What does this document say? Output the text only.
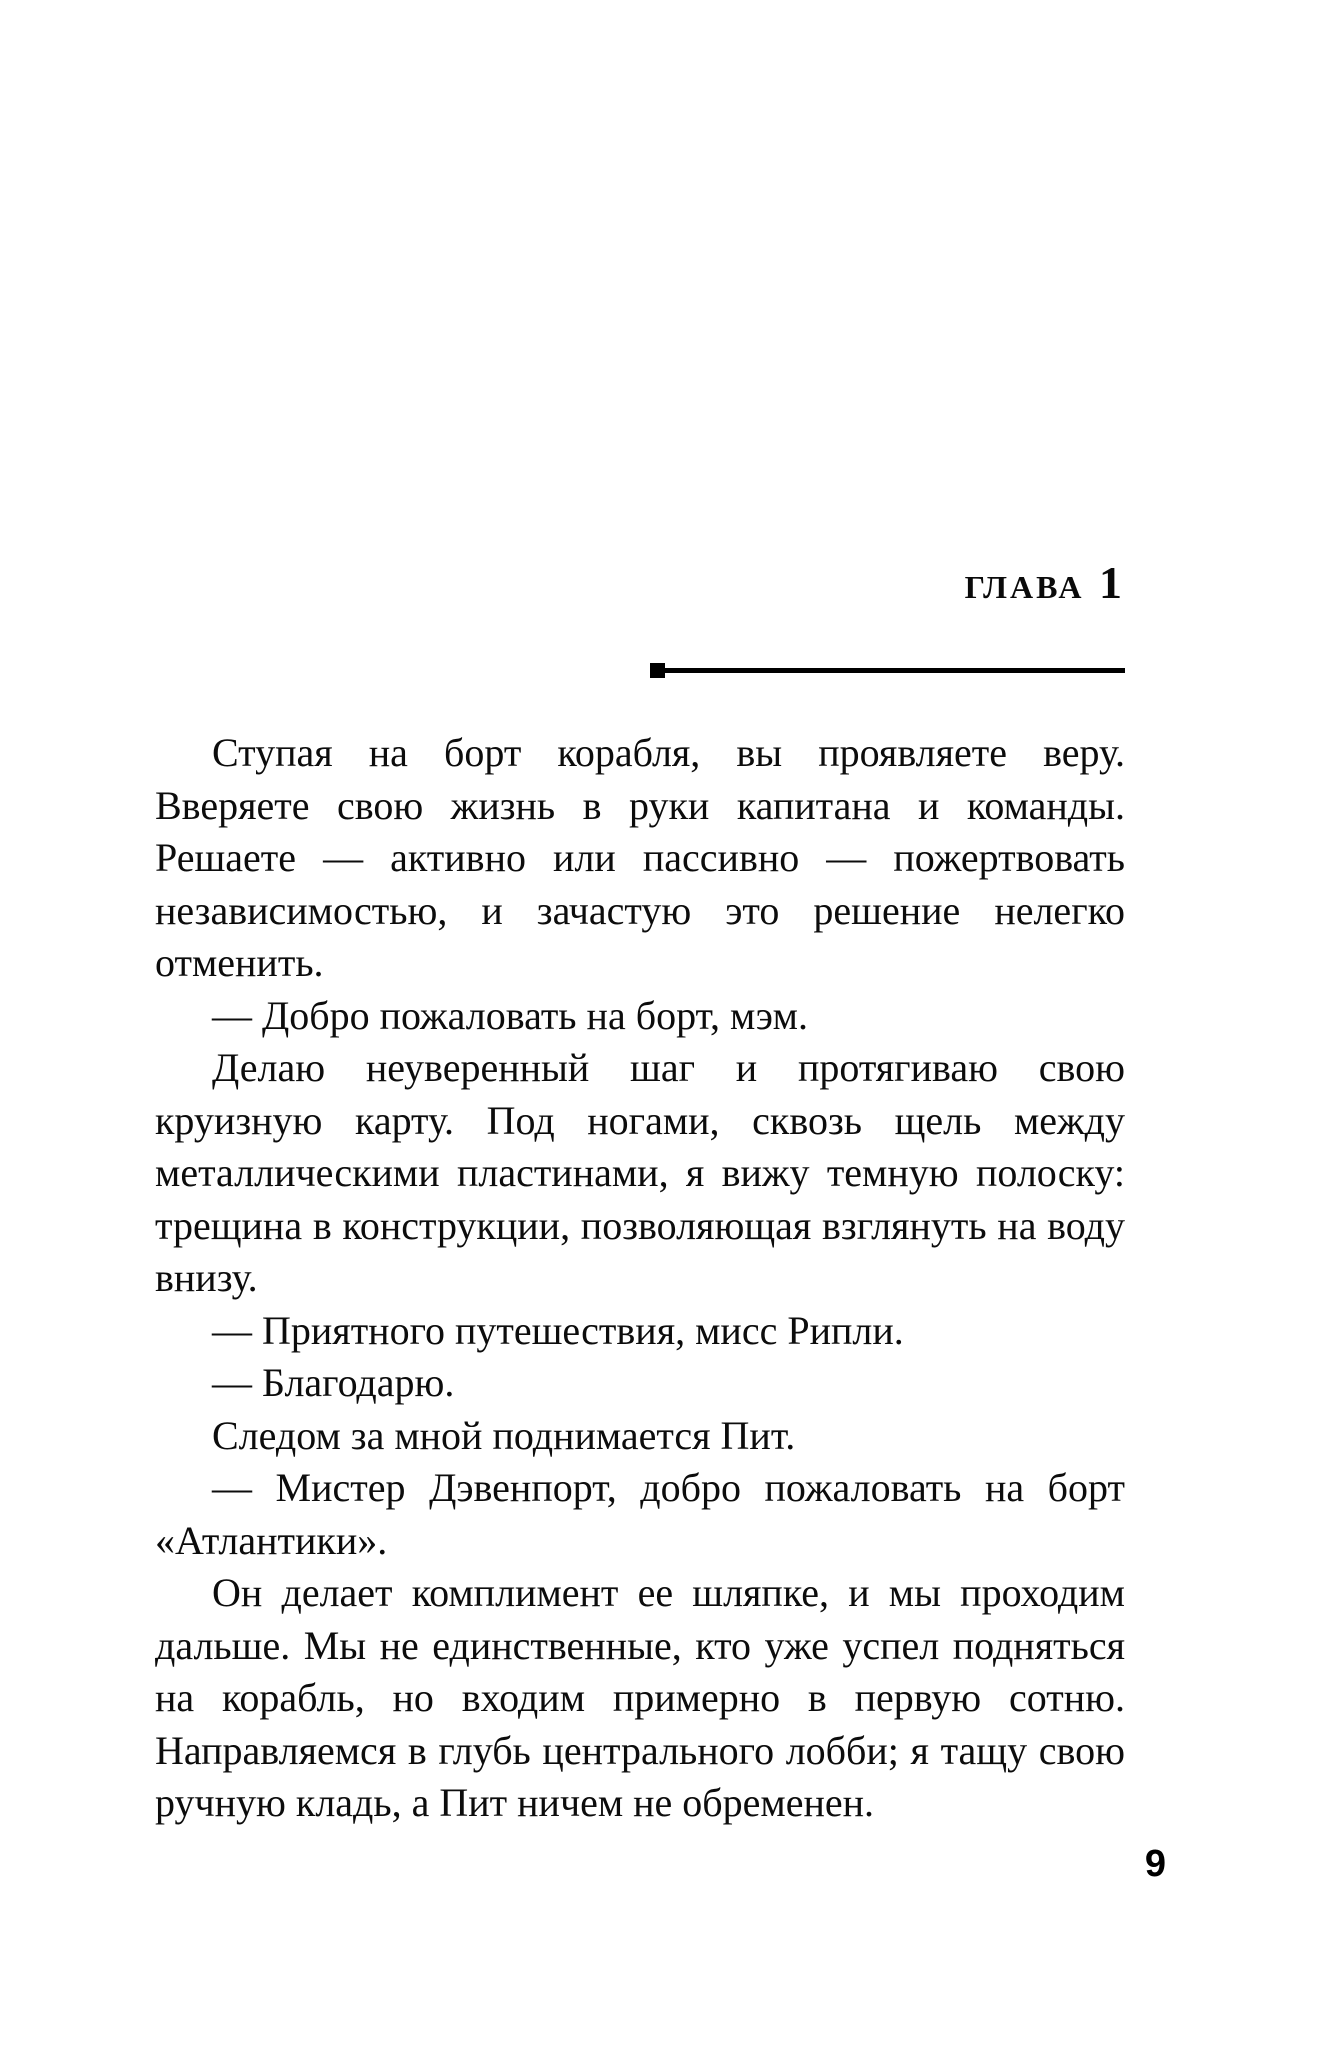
глава 1

Ступая на борт корабля, вы проявляете веру. Вверяете свою жизнь в руки капитана и команды. Решаете — активно или пассивно — пожертвовать независимостью, и зачастую это решение нелегко отменить.

— Добро пожаловать на борт, мэм.

Делаю неуверенный шаг и протягиваю свою круизную карту. Под ногами, сквозь щель между металлическими пластинами, я вижу темную полоску: трещина в конструкции, позволяющая взглянуть на воду внизу.

— Приятного путешествия, мисс Рипли.

— Благодарю.

Следом за мной поднимается Пит.

— Мистер Дэвенпорт, добро пожаловать на борт «Атлантики».

Он делает комплимент ее шляпке, и мы проходим дальше. Мы не единственные, кто уже успел подняться на корабль, но входим примерно в первую сотню. Направляемся в глубь центрального лобби; я тащу свою ручную кладь, а Пит ничем не обременен.

9
